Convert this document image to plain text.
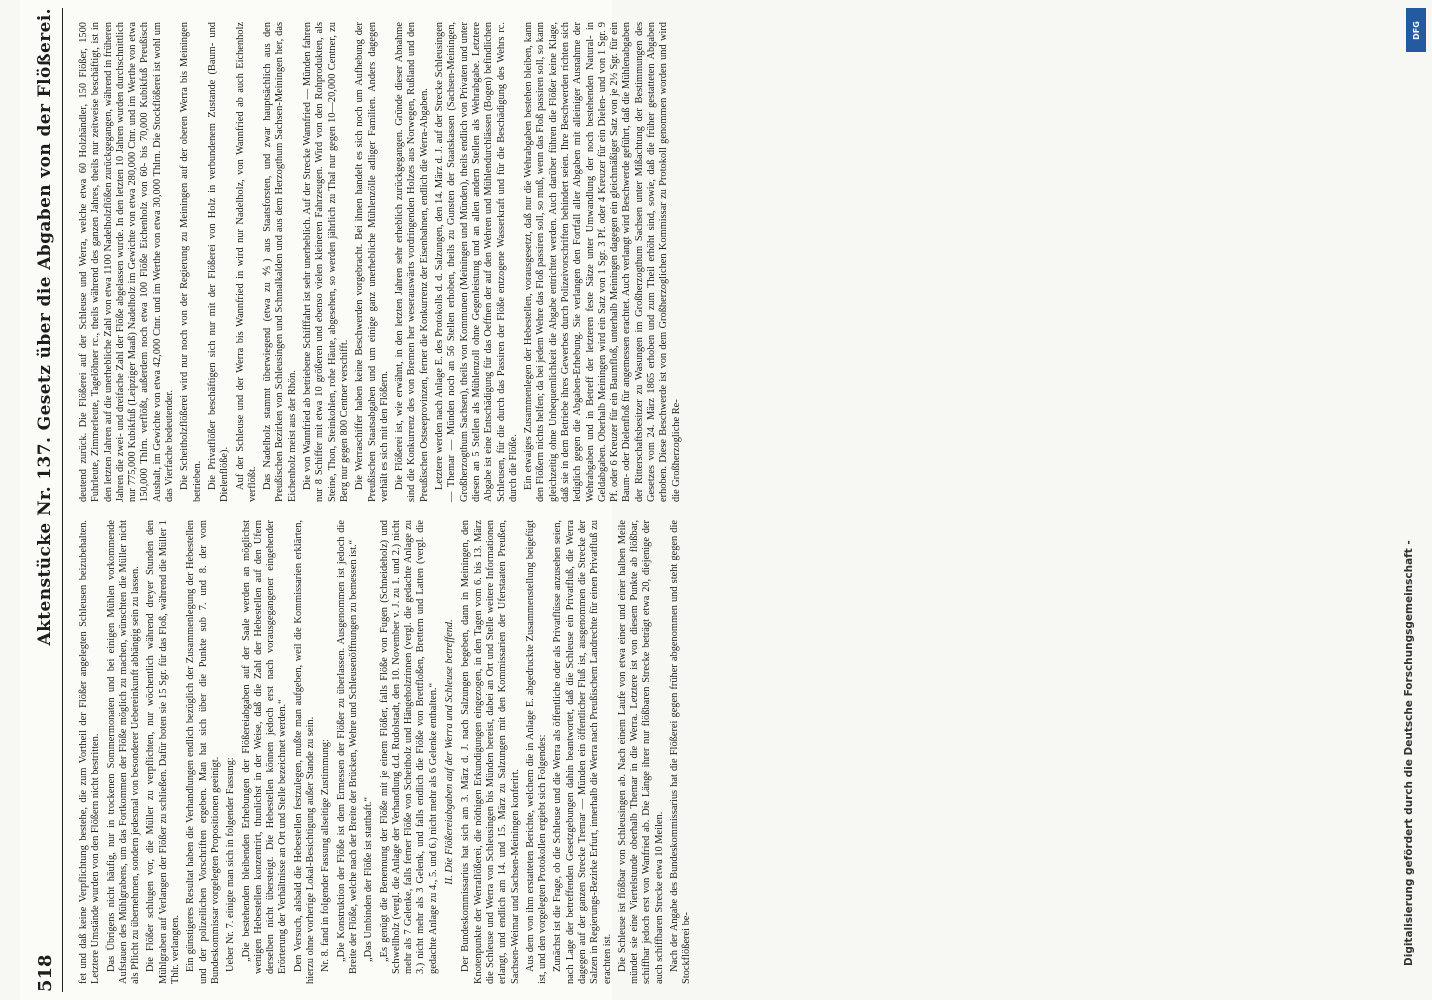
518
Aktenstücke Nr. 137. Gesetz über die Abgaben von der Flößerei.

fet und daß keine Verpflichtung bestehe, die zum Vortheil der Flößer angelegten Schleusen beizubehalten. Letztere Umstände wurden von den Flößern nicht bestritten. Das Übrigens nicht häufig, nur in trockenen Sommermonaten und bei einigen Mühlen vorkommende Aufstauen des Mühlgrabens, um das Fortkommen der Flöße möglich zu machen, wünschten die Müller nicht als Pflicht zu übernehmen, sondern jedesmal von besonderer Uebereinkunft abhängig sein zu lassen. Die Flößer schlugen vor, die Müller zu verpflichten, nur wöchentlich während dreyer Stunden den Mühlgraben auf Verlangen der Flößer zu schließen. Dafür boten sie 15 Sgr. für das Floß, während die Müller 1 Thlr. verlangten. Ein günstigeres Resultat haben die Verhandlungen endlich bezüglich der Zusammenlegung der Hebestellen und der polizeilichen Vorschriften ergeben. Man hat sich über die Punkte sub 7. und 8. der vom Bundeskommissar vorgelegten Propositionen geeinigt. Ueber Nr. 7. einigte man sich in folgender Fassung: „Die bestehenden bleibenden Erhebungen der Flößereiabgaben auf der Saale werden an möglichst wenigen Hebestellen konzentrirt, thunlichst in der Weise, daß die Zahl der Hebestellen auf den Ufern derselben nicht übersteigt. Die Hebestellen können jedoch erst nach vorausgegangener eingehender Erörterung der Verhältnisse an Ort und Stelle bezeichnet werden.“ Den Versuch, alsbald die Hebestellen festzulegen, mußte man aufgeben, weil die Kommissarien erklärten, hierzu ohne vorherige Lokal-Besichtigung außer Stande zu sein. Nr. 8. fand in folgender Fassung allseitige Zustimmung: „Die Konstruktion der Flöße ist dem Ermessen der Flößer zu überlassen. Ausgenommen ist jedoch die Breite der Flöße, welche nach der Breite der Brücken, Wehre und Schleusenöffnungen zu bemessen ist.“ „Das Umbinden der Flöße ist statthaft.“ „Es genügt die Benennung der Flöße mit je einem Flößer, falls Flöße von Fugen (Schneideholz) und Schwellholz (vergl. die Anlage der Verhandlung d.d. Rudolstadt, den 10. November v. J. zu 1. und 2.) nicht mehr als 7 Gelenke, falls ferner Flöße von Scheitholz und Hängeholzrinnen (vergl. die gedachte Anlage zu 3.) nicht mehr als 3 Gelenk, und falls endlich die Flöße von Brettfloßen, Brettern und Latten (vergl. die gedachte Anlage zu 4., 5. und 6.) nicht mehr als 6 Gelenke enthalten.“ II. Die Flößereiabgaben auf der Werra und Schleuse betreffend. Der Bundeskommissarius hat sich am 3. März d. J. nach Salzungen begeben, dann in Meiningen, den Knotenpunkte der Werraflößerei, die nöthigen Erkundigungen eingezogen, in den Tagen vom 6. bis 13. März die Schleuse und Werra von Schleusingen bis Münden bereist, dabei an Ort und Stelle weitere Informationen erlangt, und endlich am 14. und 15. März zu Salzungen mit den Kommissarien der Uferstaaten Preußen, Sachsen-Weimar und Sachsen-Meiningen konferirt. Aus dem von ihm erstatteten Berichte, welchem die in Anlage E. abgedruckte Zusammenstellung beigefügt ist, und den vorgelegten Protokollen ergiebt sich Folgendes: Zunächst ist die Frage, ob die Schleuse und die Werra als öffentliche oder als Privatflüsse anzusehen seien, nach Lage der betreffenden Gesetzgebungen dahin beantwortet, daß die Schleuse ein Privatfluß, die Werra dagegen auf der ganzen Strecke Tremar — Münden ein öffentlicher Fluß ist, ausgenommen die Strecke der Salzen in Regierungs-Bezirke Erfurt, innerhalb die Werra nach Preußischem Landrechte für einen Privatfluß zu erachten ist. Die Schleuse ist flößbar von Schleusingen ab. Nach einem Laufe von etwa einer und einer halben Meile mündet sie eine Viertelstunde oberhalb Themar in die Werra. Letztere ist von diesem Punkte ab flößbar, schiffbar jedoch erst von Wanfried ab. Die Länge ihrer nur flößbaren Strecke beträgt etwa 20, diejenige der auch schiffbaren Strecke etwa 10 Meilen. Nach der Angabe des Bundeskommissarius hat die Flößerei gegen früher abgenommen und steht gegen die Stockflößerei be-

deutend zurück. Die Flößerei auf der Schleuse und Werra, welche etwa 60 Holzhändler, 150 Flößer, 1500 Fuhrleute, Zimmerleute, Tagelöhner rc., theils während des ganzen Jahres, theils nur zeitweise beschäftigt, ist in den letzten Jahren auf die unerhebliche Zahl von etwa 1100 Nadelholzflößen zurückgegangen, während in früheren Jahren die zwei- und dreifache Zahl der Flöße abgelassen wurde. In den letzten 10 Jahren wurden durchschnittlich nur 775,000 Kubikfuß (Leipziger Maaß) Nadelholz im Gewichte von etwa 280,000 Ctnr. und im Werthe von etwa 150,000 Thlrn. verflößt, außerdem noch etwa 100 Flöße Eichenholz von 60- bis 70,000 Kubikfuß Preußisch Aushalt, im Gewichte von etwa 42,000 Ctnr. und im Werthe von etwa 30,000 Thlrn. Die Stockflößerei ist wohl um das Vierfache bedeutender. Die Scheitholzflößerei wird nur noch von der Regierung zu Meiningen auf der oberen Werra bis Meiningen betrieben. Die Privatflößer beschäftigen sich nur mit der Flößerei von Holz in verbundenem Zustande (Baum- und Dielenflöße). Auf der Schleuse und der Werra bis Wannfried in wird nur Nadelholz, von Wannfried ab auch Eichenholz verflößt. Das Nadelholz stammt überwiegend (etwa zu ⅘) aus Staatsforsten, und zwar hauptsächlich aus den Preußischen Bezirken von Schleusingen und Schmalkalden und aus dem Herzogthum Sachsen-Meiningen her, das Eichenholz meist aus der Rhön. Die von Wannfried ab betriebene Schifffahrt ist sehr unerheblich. Auf der Strecke Wannfried — Münden fahren nur 8 Schiffer mit etwa 10 größeren und ebenso vielen kleineren Fahrzeugen. Wird von den Rohprodukten, als Steine, Thon, Steinkohlen, rohe Häute, abgesehen, so werden jährlich zu Thal nur gegen 10—20,000 Centner, zu Berg nur gegen 800 Centner verschifft. Die Werraschiffer haben keine Beschwerden vorgebracht. Bei ihnen handelt es sich noch um Aufhebung der Preußischen Staatsabgaben und um einige ganz unerhebliche Mühlenzölle adliger Familien. Anders dagegen verhält es sich mit den Flößern. Die Flößerei ist, wie erwähnt, in den letzten Jahren sehr erheblich zurückgegangen. Gründe dieser Abnahme sind die Konkurrenz des von Bremen her weserauswärts vordringenden Holzes aus Norwegen, Rußland und den Preußischen Ostseeprovinzen, ferner die Konkurrenz der Eisenbahnen, endlich die Werra-Abgaben. Letztere werden nach Anlage E. des Protokolls d. d. Salzungen, den 14. März d. J. auf der Strecke Schleusingen — Themar — Münden noch an 56 Stellen erhoben, theils zu Gunsten der Staatskassen (Sachsen-Meiningen, Großherzogthum Sachsen), theils von Kommunen (Meiningen und Münden), theils endlich von Privaten und unter diesen an 5 Stellen als Mühlenzoll ohne Gegenleistung und an allen andern Stellen als Wehrabgabe. Letztere Abgabe ist eine Entschädigung für das Oeffnen der auf den Wehren und Mühlendurchlässen (Bogen) befindlichen Schleusen, für die durch das Passiren der Flöße entzogene Wasserkraft und für die Beschädigung des Wehrs rc. durch die Flöße. Ein etwaiges Zusammenlegen der Hebestellen, vorausgesetzt, daß nur die Wehrabgaben bestehen bleiben, kann den Flößern nichts helfen; da bei jedem Wehre das Floß passiren soll, so muß, wenn das Floß passiren soll, so kann gleichzeitig ohne Unbequemlichkeit die Abgabe entrichtet werden. Auch darüber führen die Flößer keine Klage, daß sie in dem Betriebe ihres Gewerbes durch Polizeivorschriften behindert seien. Ihre Beschwerden richten sich lediglich gegen die Abgaben-Erhebung. Sie verlangen den Fortfall aller Abgaben mit alleiniger Ausnahme der Wehrabgaben und in Betreff der letzteren feste Sätze unter Umwandlung der noch bestehenden Natural- in Geldabgaben. Oberhalb Meiningen wird ein Satz von 1 Sgr. 3 Pf. oder 4 Kreuzer für ein Dielen- und von 1 Sgr. 9 Pf. oder 6 Kreuzer für ein Baumfloß, unterhalb Meiningen dagegen ein gleichmäßiger Satz von je 2½ Sgr. für ein Baum- oder Dielenfloß für angemessen erachtet. Auch verlangt wird Beschwerde geführt, daß die Mühlenabgaben der Ritterschaftsbesitzer zu Wasungen im Großherzogthum Sachsen unter Mißachtung der Bestimmungen des Gesetzes vom 24. März 1865 erhoben und zum Theil erhöht sind, sowie, daß die früher gestatteten Abgaben erhoben. Diese Beschwerde ist von dem Großherzoglichen Kommissar zu Protokoll genommen worden und wird die Großherzogliche Re-

Digitalisierung gefördert durch die Deutsche Forschungsgemeinschaft -
DFG
